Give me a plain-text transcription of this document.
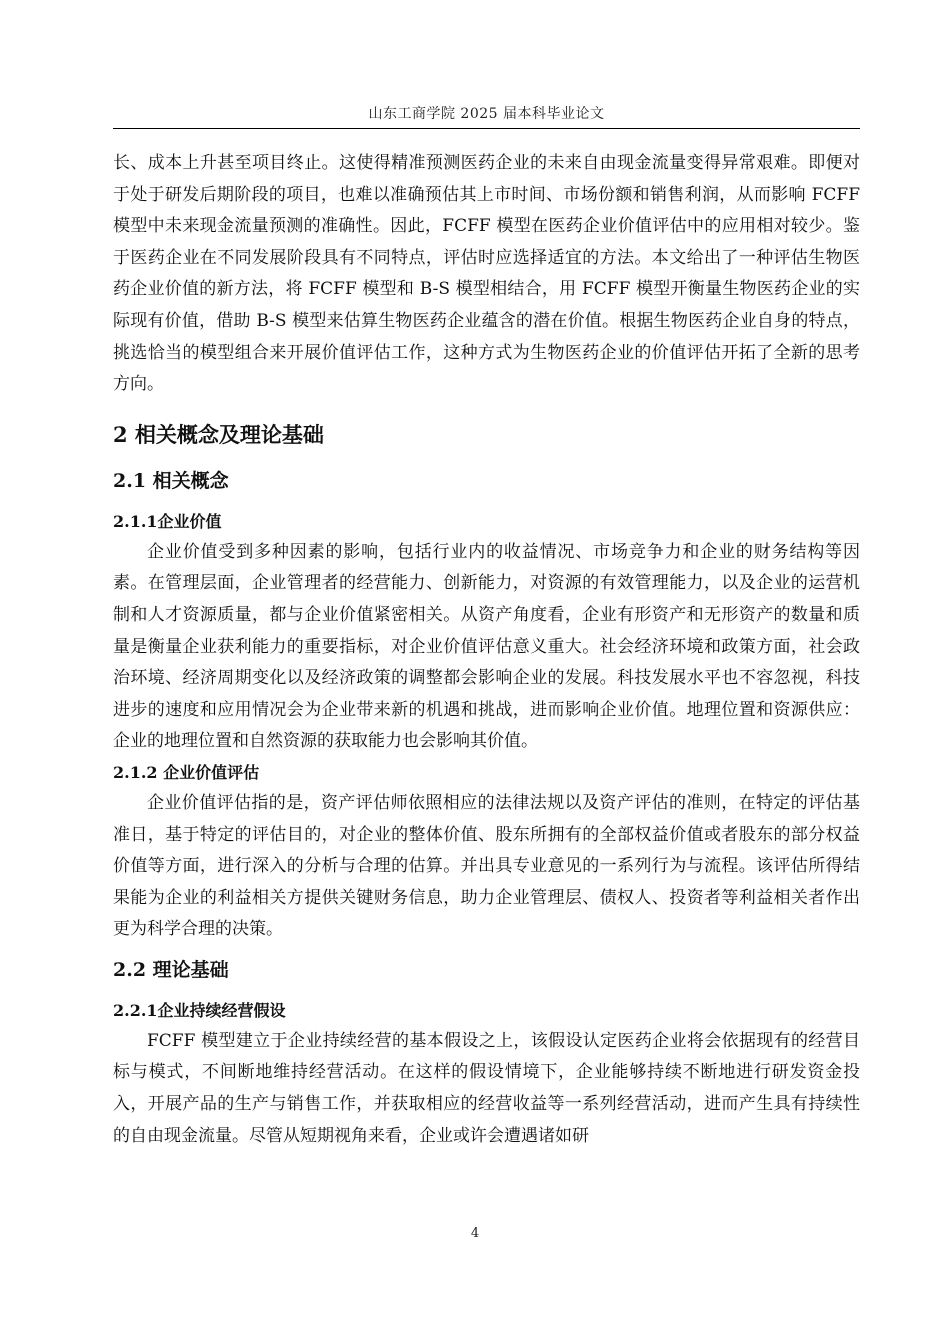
山东工商学院 2025 届本科毕业论文

长、成本上升甚至项目终止。这使得精准预测医药企业的未来自由现金流量变得异常艰难。即便对于处于研发后期阶段的项目，也难以准确预估其上市时间、市场份额和销售利润，从而影响 FCFF 模型中未来现金流量预测的准确性。因此，FCFF 模型在医药企业价值评估中的应用相对较少。鉴于医药企业在不同发展阶段具有不同特点，评估时应选择适宜的方法。本文给出了一种评估生物医药企业价值的新方法，将 FCFF 模型和 B-S 模型相结合，用 FCFF 模型开衡量生物医药企业的实际现有价值，借助 B-S 模型来估算生物医药企业蕴含的潜在价值。根据生物医药企业自身的特点，挑选恰当的模型组合来开展价值评估工作，这种方式为生物医药企业的价值评估开拓了全新的思考方向。

2 相关概念及理论基础
2.1 相关概念
2.1.1企业价值

企业价值受到多种因素的影响，包括行业内的收益情况、市场竞争力和企业的财务结构等因素。在管理层面，企业管理者的经营能力、创新能力，对资源的有效管理能力，以及企业的运营机制和人才资源质量，都与企业价值紧密相关。从资产角度看，企业有形资产和无形资产的数量和质量是衡量企业获利能力的重要指标，对企业价值评估意义重大。社会经济环境和政策方面，社会政治环境、经济周期变化以及经济政策的调整都会影响企业的发展。科技发展水平也不容忽视，科技进步的速度和应用情况会为企业带来新的机遇和挑战，进而影响企业价值。地理位置和资源供应：企业的地理位置和自然资源的获取能力也会影响其价值。

2.1.2 企业价值评估

企业价值评估指的是，资产评估师依照相应的法律法规以及资产评估的准则，在特定的评估基准日，基于特定的评估目的，对企业的整体价值、股东所拥有的全部权益价值或者股东的部分权益价值等方面，进行深入的分析与合理的估算。并出具专业意见的一系列行为与流程。该评估所得结果能为企业的利益相关方提供关键财务信息，助力企业管理层、债权人、投资者等利益相关者作出更为科学合理的决策。

2.2 理论基础
2.2.1企业持续经营假设

FCFF 模型建立于企业持续经营的基本假设之上，该假设认定医药企业将会依据现有的经营目标与模式，不间断地维持经营活动。在这样的假设情境下，企业能够持续不断地进行研发资金投入，开展产品的生产与销售工作，并获取相应的经营收益等一系列经营活动，进而产生具有持续性的自由现金流量。尽管从短期视角来看，企业或许会遭遇诸如研

4
